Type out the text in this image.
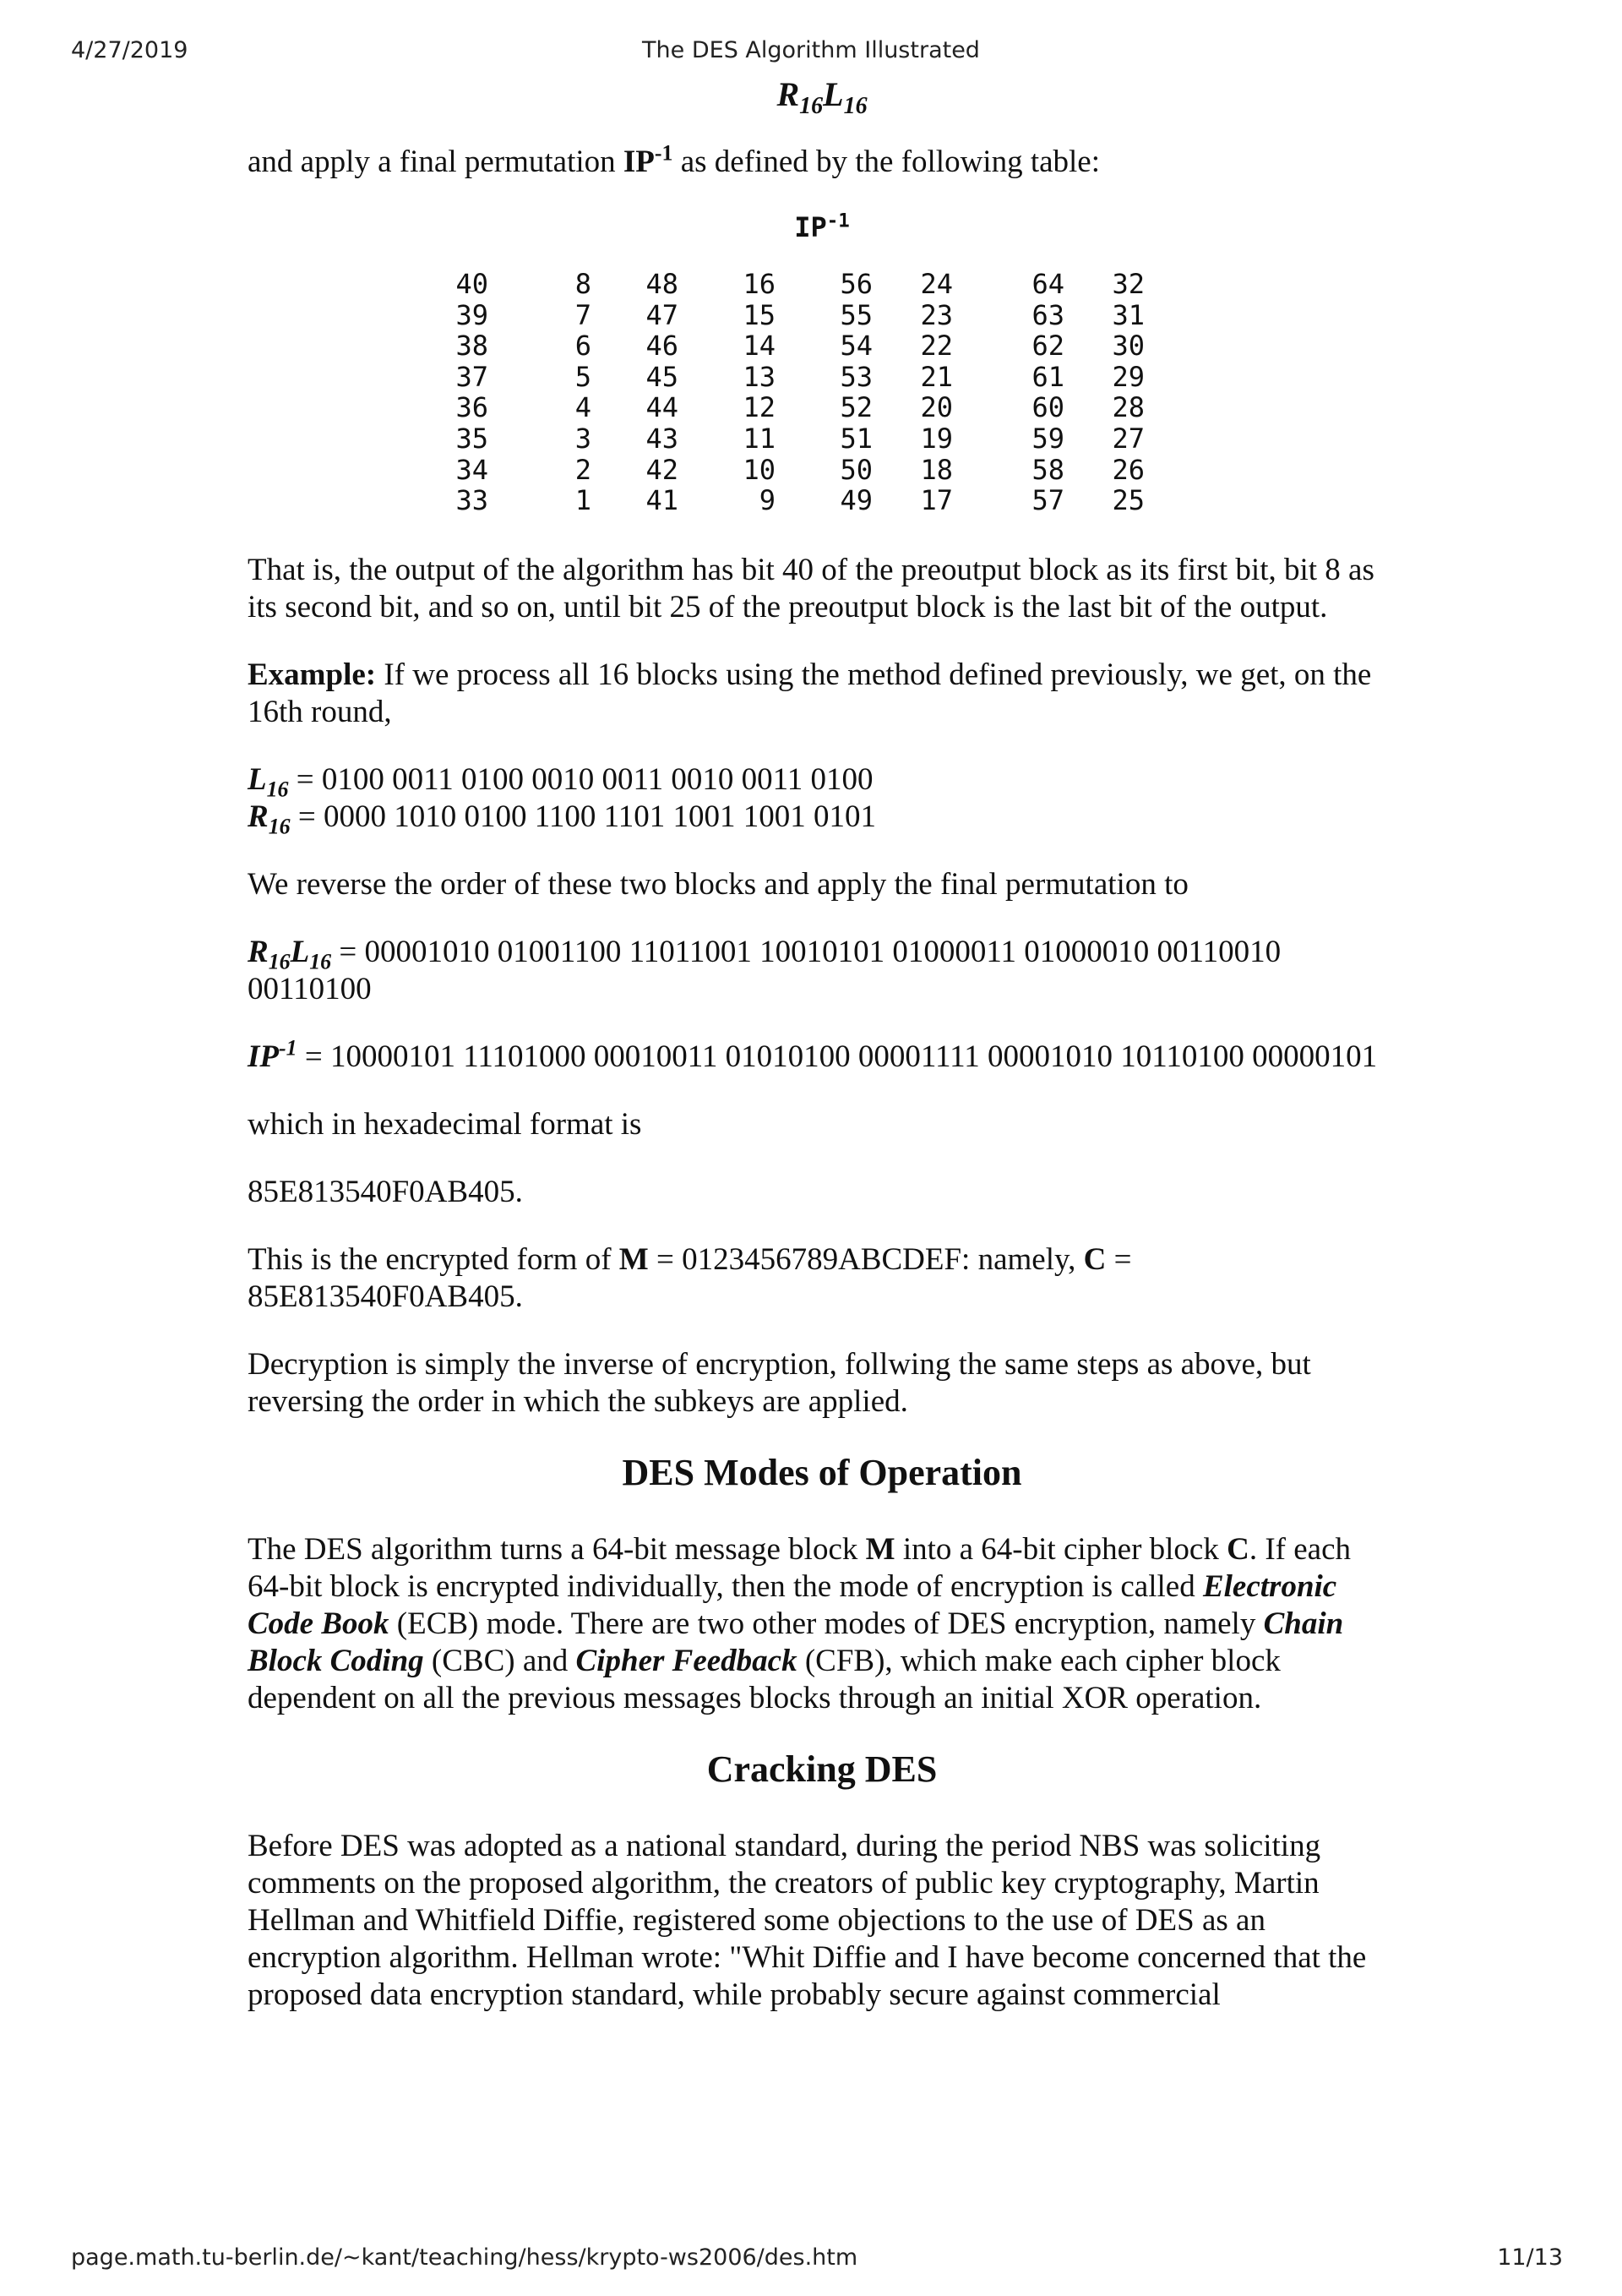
4/27/2019	The DES Algorithm Illustrated

$R_{16}L_{16}$

and apply a final permutation $IP^{-1}$ as defined by the following table:

$IP^{-1}$
40	8	48	16	56	24	64	32
39	7	47	15	55	23	63	31
38	6	46	14	54	22	62	30
37	5	45	13	53	21	61	29
36	4	44	12	52	20	60	28
35	3	43	11	51	19	59	27
34	2	42	10	50	18	58	26
33	1	41	9	49	17	57	25

That is, the output of the algorithm has bit 40 of the preoutput block as its first bit, bit 8 as its second bit, and so on, until bit 25 of the preoutput block is the last bit of the output.

Example: If we process all 16 blocks using the method defined previously, we get, on the 16th round,

$L_{16} = 0100$ 0011 0100 0010 0011 0010 0011 0100

$R_{16} = 0000$ 1010 0100 1100 1101 1001 1001 0101

We reverse the order of these two blocks and apply the final permutation to

$R_{16}L_{16} = 00001010$ 01001100 11011001 10010101 01000011 01000010 00110010 00110100

$IP^{-1} = 10000101$ 11101000 00010011 01010100 00001111 00001010 10110100 00000101

which in hexadecimal format is

85E813540F0AB405.

This is the encrypted form of M = 0123456789ABCDEF: namely, C = 85E813540F0AB405.

Decryption is simply the inverse of encryption, follwing the same steps as above, but reversing the order in which the subkeys are applied.

DES Modes of Operation

The DES algorithm turns a 64-bit message block M into a 64-bit cipher block C. If each 64-bit block is encrypted individually, then the mode of encryption is called Electronic Code Book (ECB) mode. There are two other modes of DES encryption, namely Chain Block Coding (CBC) and Cipher Feedback (CFB), which make each cipher block dependent on all the previous messages blocks through an initial XOR operation.

Cracking DES

Before DES was adopted as a national standard, during the period NBS was soliciting comments on the proposed algorithm, the creators of public key cryptography, Martin Hellman and Whitfield Diffie, registered some objections to the use of DES as an encryption algorithm. Hellman wrote: "Whit Diffie and I have become concerned that the proposed data encryption standard, while probably secure against commercial

page.math.tu-berlin.de/~kant/teaching/hess/krypto-ws2006/des.htm	11/13
